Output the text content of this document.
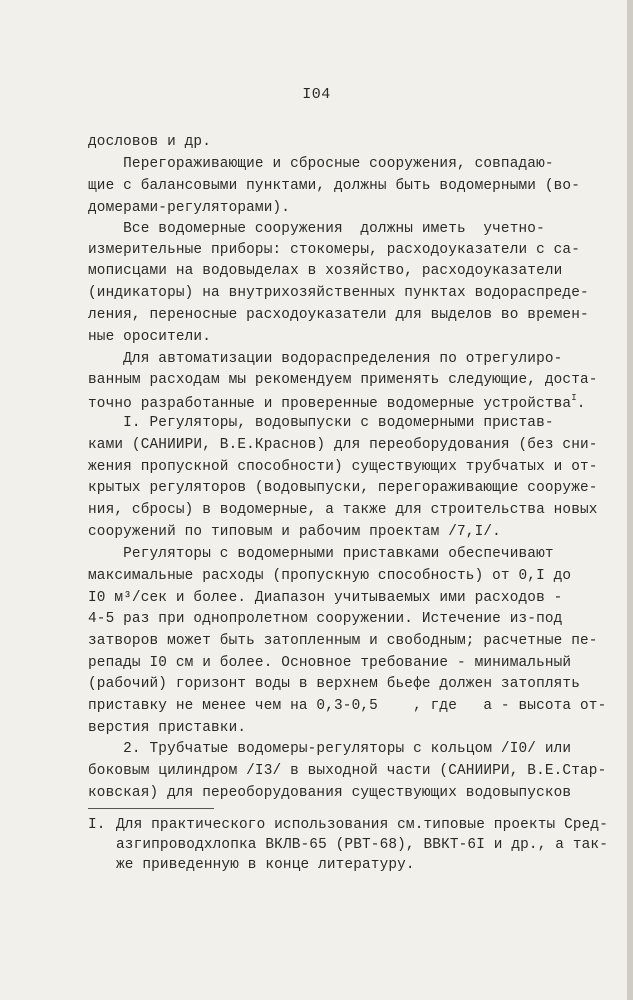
I04
дословов и др.
Перегораживающие и сбросные сооружения, совпадаю-
щие с балансовыми пунктами, должны быть водомерными (во-
домерами-регуляторами).
Все водомерные сооружения  должны иметь  учетно-
измерительные приборы: стокомеры, расходоуказатели с са-
мописцами на водовыделах в хозяйство, расходоуказатели
(индикаторы) на внутрихозяйственных пунктах водораспреде-
ления, переносные расходоуказатели для выделов во времен-
ные оросители.
Для автоматизации водораспределения по отрегулиро-
ванным расходам мы рекомендуем применять следующие, доста-
точно разработанные и проверенные водомерные устройства$^I$.
I. Регуляторы, водовыпуски с водомерными пристав-
ками (САНИИРИ, В.Е.Краснов) для переоборудования (без сни-
жения пропускной способности) существующих трубчатых и от-
крытых регуляторов (водовыпуски, перегораживающие сооруже-
ния, сбросы) в водомерные, а также для строительства новых
сооружений по типовым и рабочим проектам /7,I/.
Регуляторы с водомерными приставками обеспечивают
максимальные расходы (пропускную способность) от 0,I до
I0 м³/сек и более. Диапазон учитываемых ими расходов -
4-5 раз при однопролетном сооружении. Истечение из-под
затворов может быть затопленным и свободным; расчетные пе-
репады I0 см и более. Основное требование - минимальный
(рабочий) горизонт воды в верхнем бьефе должен затоплять
приставку не менее чем на 0,3-0,5    , где   a - высота от-
верстия приставки.
2. Трубчатые водомеры-регуляторы с кольцом /I0/ или
боковым цилиндром /I3/ в выходной части (САНИИРИ, В.Е.Стар-
ковская) для переоборудования существующих водовыпусков
I. Для практического использования см.типовые проекты Сред-
азгипроводхлопка ВКЛВ-65 (РВТ-68), ВВКТ-6I и др., а так-
же приведенную в конце литературу.
